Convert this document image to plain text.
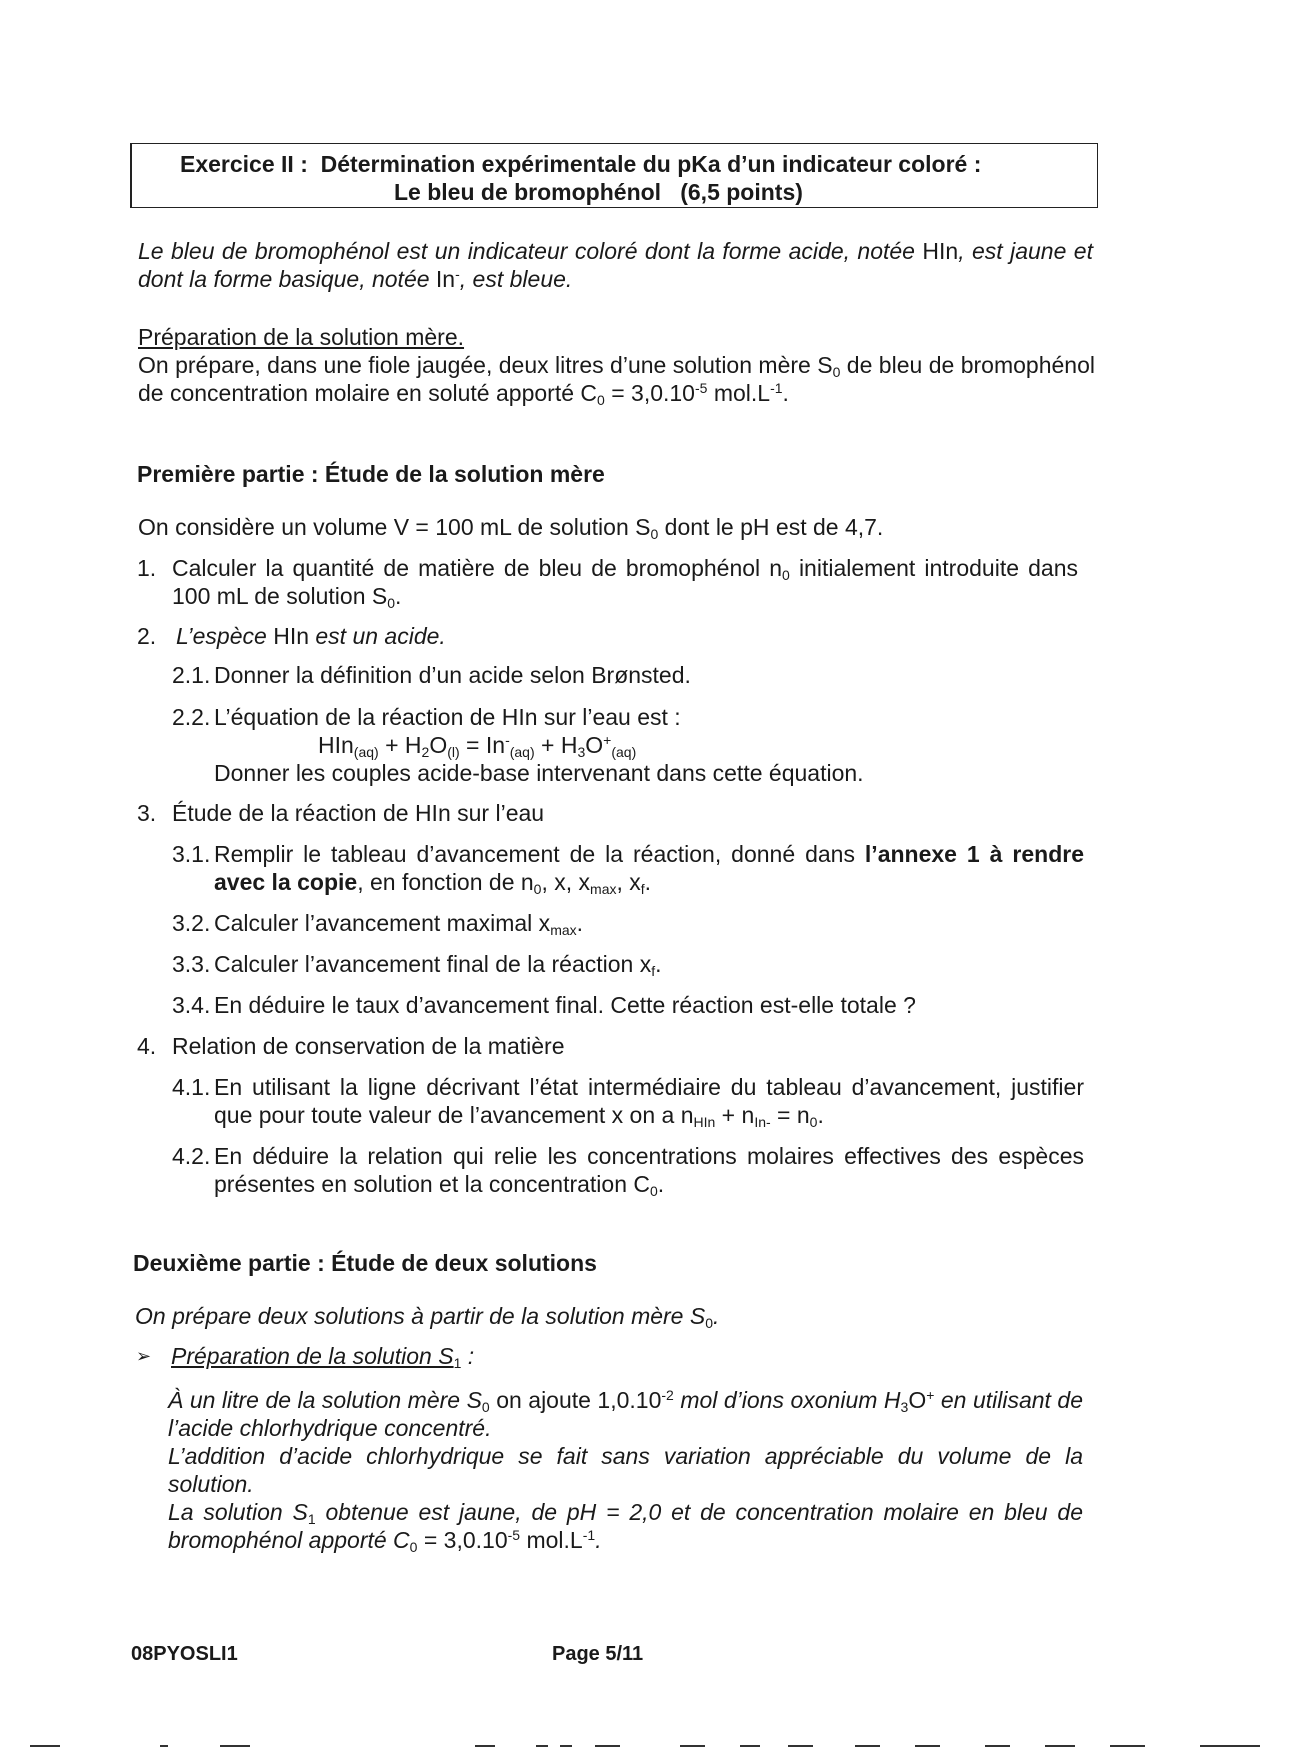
Exercice II :  Détermination expérimentale du pKa d’un indicateur coloré :
Le bleu de bromophénol   (6,5 points)
Le bleu de bromophénol est un indicateur coloré dont la forme acide, notée HIn, est jaune et dont la forme basique, notée In-, est bleue.
Préparation de la solution mère.
On prépare, dans une fiole jaugée, deux litres d’une solution mère $S_0$ de bleu de bromophénol de concentration molaire en soluté apporté $C_0 = 3,0.10^{-5}$ $mol.L^{-1}$.
Première partie : Étude de la solution mère
On considère un volume V = 100 mL de solution $S_0$ dont le pH est de 4,7.
1. Calculer la quantité de matière de bleu de bromophénol $n_0$ initialement introduite dans 100 mL de solution $S_0$.
2. L’espèce HIn est un acide.
2.1. Donner la définition d’un acide selon Brønsted.
2.2. L’équation de la réaction de HIn sur l’eau est :
$HIn_{(aq)} + H_2O_{(l)} = In^-_{(aq)} + H_3O^+_{(aq)}$
Donner les couples acide-base intervenant dans cette équation.
3. Étude de la réaction de HIn sur l’eau
3.1. Remplir le tableau d’avancement de la réaction, donné dans l’annexe 1 à rendre avec la copie, en fonction de $n_0$, x, $x_{max}$, $x_f$.
3.2. Calculer l’avancement maximal $x_{max}$.
3.3. Calculer l’avancement final de la réaction $x_f$.
3.4. En déduire le taux d’avancement final. Cette réaction est-elle totale ?
4. Relation de conservation de la matière
4.1. En utilisant la ligne décrivant l’état intermédiaire du tableau d’avancement, justifier que pour toute valeur de l’avancement x on a $n_{HIn} + n_{In-} = n_0$.
4.2. En déduire la relation qui relie les concentrations molaires effectives des espèces présentes en solution et la concentration $C_0$.
Deuxième partie : Étude de deux solutions
On prépare deux solutions à partir de la solution mère $S_0$.
➢ Préparation de la solution $S_1$ :
À un litre de la solution mère $S_0$ on ajoute $1,0.10^{-2}$ mol d’ions oxonium $H_3O^+$ en utilisant de l’acide chlorhydrique concentré.
L’addition d’acide chlorhydrique se fait sans variation appréciable du volume de la solution.
La solution $S_1$ obtenue est jaune, de pH = 2,0 et de concentration molaire en bleu de bromophénol apporté $C_0 = 3,0.10^{-5}$ $mol.L^{-1}$.
08PYOSLI1	Page 5/11
